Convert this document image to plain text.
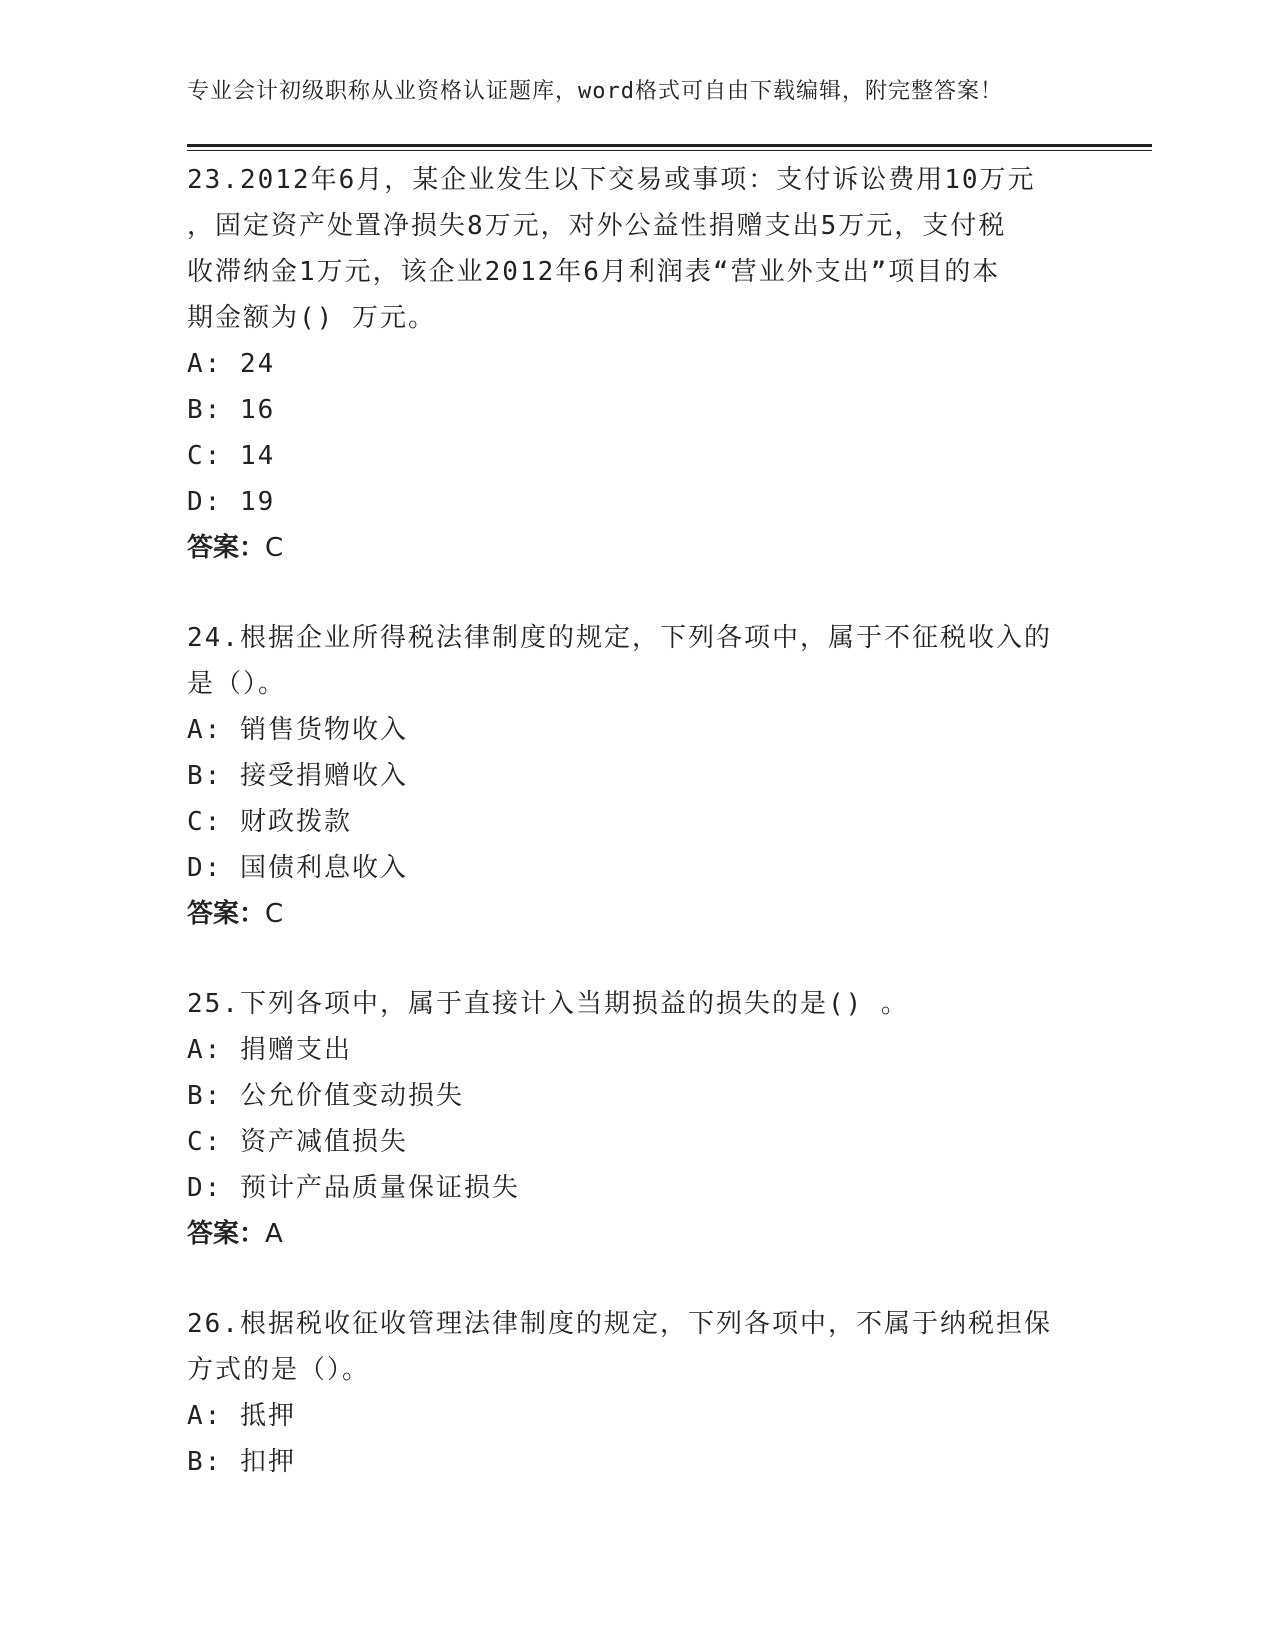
专业会计初级职称从业资格认证题库，word格式可自由下载编辑，附完整答案！
23.2012年6月，某企业发生以下交易或事项：支付诉讼费用10万元
，固定资产处置净损失8万元，对外公益性捐赠支出5万元，支付税
收滞纳金1万元，该企业2012年6月利润表“营业外支出”项目的本
期金额为() 万元。
A: 24
B: 16
C: 14
D: 19
答案：C
24.根据企业所得税法律制度的规定，下列各项中，属于不征税收入的
是（）。
A: 销售货物收入
B: 接受捐赠收入
C: 财政拨款
D: 国债利息收入
答案：C
25.下列各项中，属于直接计入当期损益的损失的是() 。
A: 捐赠支出
B: 公允价值变动损失
C: 资产减值损失
D: 预计产品质量保证损失
答案：A
26.根据税收征收管理法律制度的规定，下列各项中，不属于纳税担保
方式的是（）。
A: 抵押
B: 扣押
